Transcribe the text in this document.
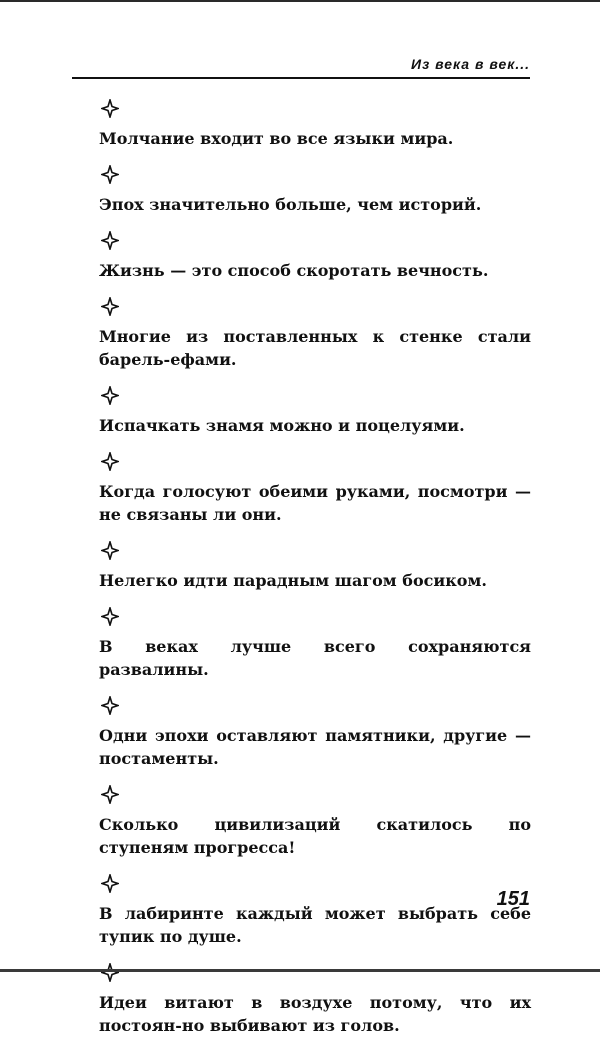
Из века в век...

Молчание входит во все языки мира.

Эпох значительно больше, чем историй.

Жизнь — это способ скоротать вечность.

Многие из поставленных к стенке стали барель-ефами.

Испачкать знамя можно и поцелуями.

Когда голосуют обеими руками, посмотри — не связаны ли они.

Нелегко идти парадным шагом босиком.

В веках лучше всего сохраняются развалины.

Одни эпохи оставляют памятники, другие — постаменты.

Сколько цивилизаций скатилось по ступеням прогресса!

В лабиринте каждый может выбрать себе тупик по душе.

Идеи витают в воздухе потому, что их постоян-но выбивают из голов.

151
